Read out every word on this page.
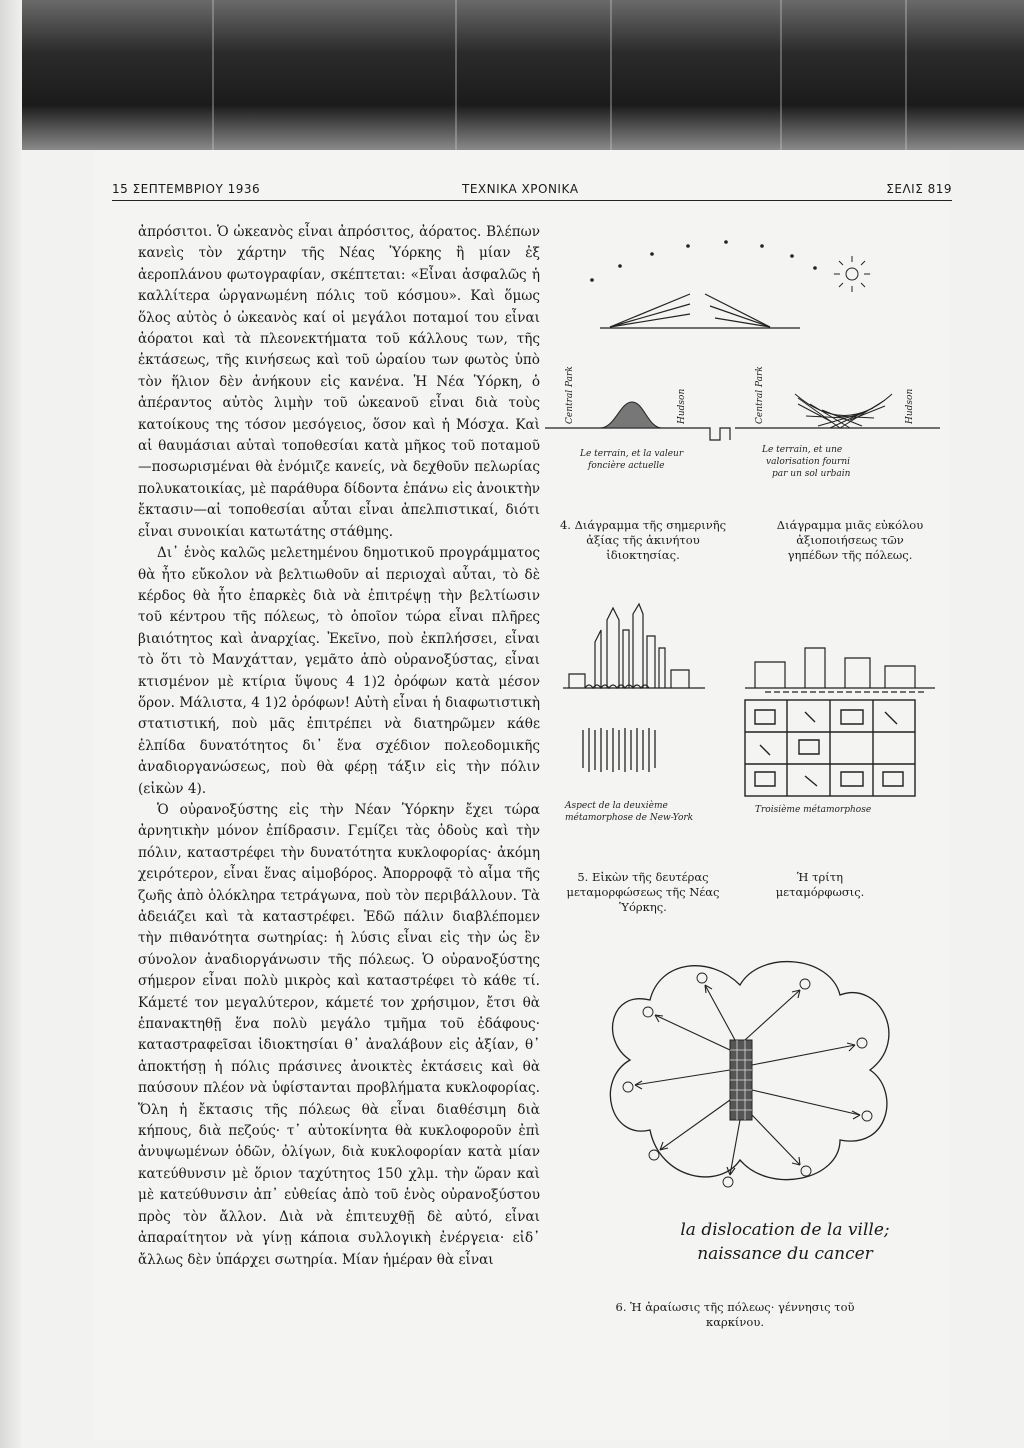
15 ΣΕΠΤΕΜΒΡΙΟΥ 1936	ΤΕΧΝΙΚΑ ΧΡΟΝΙΚΑ	ΣΕΛΙΣ 819

ἀπρόσιτοι. Ὁ ὠκεανὸς εἶναι ἀπρόσιτος, ἀόρατος. Βλέπων κανεὶς τὸν χάρτην τῆς Νέας Ὑόρκης ἢ μίαν ἐξ ἀεροπλάνου φωτογραφίαν, σκέπτεται: «Εἶναι ἀσφαλῶς ἡ καλλίτερα ὡργανωμένη πόλις τοῦ κόσμου». Καὶ ὅμως ὅλος αὐτὸς ὁ ὠκεανὸς καί οἱ μεγάλοι ποταμοί του εἶναι ἀόρατοι καὶ τὰ πλεονεκτήματα τοῦ κάλλους των, τῆς ἐκτάσεως, τῆς κινήσεως καὶ τοῦ ὡραίου των φωτὸς ὑπὸ τὸν ἥλιον δὲν ἀνήκουν εἰς κανένα. Ἡ Νέα Ὑόρκη, ὁ ἀπέραντος αὐτὸς λιμὴν τοῦ ὠκεανοῦ εἶναι διὰ τοὺς κατοίκους της τόσον μεσόγειος, ὅσον καὶ ἡ Μόσχα. Καὶ αἱ θαυμάσιαι αὐταὶ τοποθεσίαι κατὰ μῆκος τοῦ ποταμοῦ—ποσωρισμέναι θὰ ἐνόμιζε κανείς, νὰ δεχθοῦν πελωρίας πολυκατοικίας, μὲ παράθυρα δίδοντα ἐπάνω εἰς ἀνοικτὴν ἔκτασιν—αἱ τοποθεσίαι αὗται εἶναι ἀπελπιστικαί, διότι εἶναι συνοικίαι κατωτάτης στάθμης.

Δι᾽ ἑνὸς καλῶς μελετημένου δημοτικοῦ προγράμματος θὰ ἦτο εὔκολον νὰ βελτιωθοῦν αἱ περιοχαὶ αὗται, τὸ δὲ κέρδος θὰ ἦτο ἐπαρκὲς διὰ νὰ ἐπιτρέψῃ τὴν βελτίωσιν τοῦ κέντρου τῆς πόλεως, τὸ ὁποῖον τώρα εἶναι πλῆρες βιαιότητος καὶ ἀναρχίας. Ἐκεῖνο, ποὺ ἐκπλήσσει, εἶναι τὸ ὅτι τὸ Μανχάτταν, γεμᾶτο ἀπὸ οὐρανοξύστας, εἶναι κτισμένον μὲ κτίρια ὕψους 4 1)2 ὀρόφων κατὰ μέσον ὅρον. Μάλιστα, 4 1)2 ὀρόφων! Αὐτὴ εἶναι ἡ διαφωτιστικὴ στατιστική, ποὺ μᾶς ἐπιτρέπει νὰ διατηρῶμεν κάθε ἐλπίδα δυνατότητος δι᾽ ἕνα σχέδιον πολεοδομικῆς ἀναδιοργανώσεως, ποὺ θὰ φέρῃ τάξιν εἰς τὴν πόλιν (εἰκὼν 4).

Ὁ οὐρανοξύστης εἰς τὴν Νέαν Ὑόρκην ἔχει τώρα ἀρνητικὴν μόνον ἐπίδρασιν. Γεμίζει τὰς ὁδοὺς καὶ τὴν πόλιν, καταστρέφει τὴν δυνατότητα κυκλοφορίας· ἀκόμη χειρότερον, εἶναι ἕνας αἱμοβόρος. Ἀπορροφᾷ τὸ αἷμα τῆς ζωῆς ἀπὸ ὁλόκληρα τετράγωνα, ποὺ τὸν περιβάλλουν. Τὰ ἀδειάζει καὶ τὰ καταστρέφει. Ἐδῶ πάλιν διαβλέπομεν τὴν πιθανότητα σωτηρίας: ἡ λύσις εἶναι εἰς τὴν ὡς ἓν σύνολον ἀναδιοργάνωσιν τῆς πόλεως. Ὁ οὐρανοξύστης σήμερον εἶναι πολὺ μικρὸς καὶ καταστρέφει τὸ κάθε τί. Κάμετέ τον μεγαλύτερον, κάμετέ τον χρήσιμον, ἔτσι θὰ ἐπανακτηθῇ ἕνα πολὺ μεγάλο τμῆμα τοῦ ἐδάφους· καταστραφεῖσαι ἰδιοκτησίαι θ᾽ ἀναλάβουν εἰς ἀξίαν, θ᾽ ἀποκτήσῃ ἡ πόλις πράσινες ἀνοικτὲς ἐκτάσεις καὶ θὰ παύσουν πλέον νὰ ὑφίστανται προβλήματα κυκλοφορίας. Ὅλη ἡ ἔκτασις τῆς πόλεως θὰ εἶναι διαθέσιμη διὰ κήπους, διὰ πεζούς· τ᾽ αὐτοκίνητα θὰ κυκλοφοροῦν ἐπὶ ἀνυψωμένων ὁδῶν, ὀλίγων, διὰ κυκλοφορίαν κατὰ μίαν κατεύθυνσιν μὲ ὅριον ταχύτητος 150 χλμ. τὴν ὥραν καὶ μὲ κατεύθυνσιν ἀπ᾽ εὐθείας ἀπὸ τοῦ ἑνὸς οὐρανοξύστου πρὸς τὸν ἄλλον. Διὰ νὰ ἐπιτευχθῇ δὲ αὐτό, εἶναι ἀπαραίτητον νὰ γίνῃ κάποια συλλογικὴ ἐνέργεια· εἰδ᾽ ἄλλως δὲν ὑπάρχει σωτηρία. Μίαν ἡμέραν θὰ εἶναι

Central Park	Hudson	Central Park	Hudson
Le terrain, et la valeur
foncière actuelle
Le terrain, et une
valorisation fourni
par un sol urbain
4. Διάγραμμα τῆς σημερινῆς ἀξίας τῆς ἀκινήτου ἰδιοκτησίας.
Διάγραμμα μιᾶς εὐκόλου ἀξιοποιήσεως τῶν γηπέδων τῆς πόλεως.
Aspect de la deuxième
métamorphose de New-York
Troisième métamorphose
5. Εἰκὼν τῆς δευτέρας μεταμορφώσεως τῆς Νέας Ὑόρκης.
Ἡ τρίτη μεταμόρφωσις.
la dislocation de la ville;
naissance du cancer
6. Ἡ ἀραίωσις τῆς πόλεως· γέννησις τοῦ καρκίνου.
